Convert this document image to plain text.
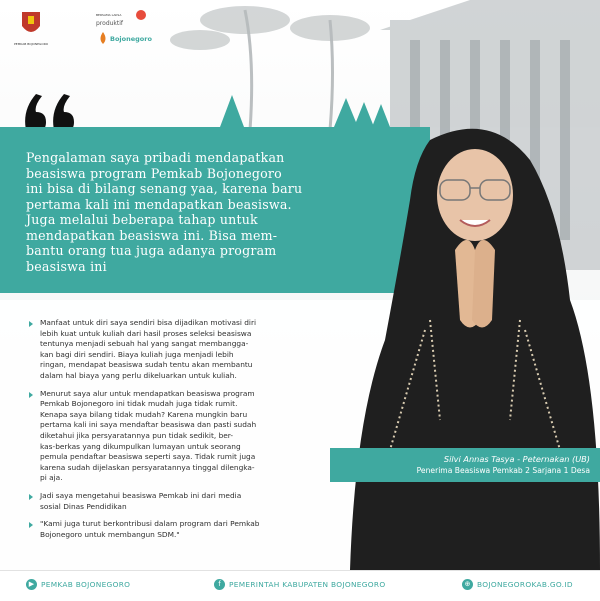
PEMKAB BOJONEGORO
BERSAMA LAKSA
produktif
Bojonegoro
Pengalaman saya pribadi mendapatkan
beasiswa program Pemkab Bojonegoro
ini bisa di bilang senang yaa, karena baru
pertama kali ini mendapatkan beasiswa.
Juga melalui beberapa tahap untuk
mendapatkan beasiswa ini. Bisa mem-
bantu orang tua juga adanya program
beasiswa ini
Silvi Annas Tasya - Peternakan (UB)
Penerima Beasiswa Pemkab 2 Sarjana 1 Desa
Manfaat untuk diri saya sendiri bisa dijadikan motivasi diri
lebih kuat untuk kuliah dari hasil proses seleksi beasiswa
tentunya menjadi sebuah hal yang sangat membangga-
kan bagi diri sendiri. Biaya kuliah juga menjadi lebih
ringan, mendapat beasiswa sudah tentu akan membantu
dalam hal biaya yang perlu dikeluarkan untuk kuliah.
Menurut saya alur untuk mendapatkan beasiswa program
Pemkab Bojonegoro ini tidak mudah juga tidak rumit.
Kenapa saya bilang tidak mudah? Karena mungkin baru
pertama kali ini saya mendaftar beasiswa dan pasti sudah
diketahui jika persyaratannya pun tidak sedikit, ber-
kas-berkas yang dikumpulkan lumayan untuk seorang
pemula pendaftar beasiswa seperti saya. Tidak rumit juga
karena sudah dijelaskan persyaratannya tinggal dilengka-
pi aja.
Jadi saya mengetahui beasiswa Pemkab ini dari media
sosial Dinas Pendidikan
"Kami juga turut berkontribusi dalam program dari Pemkab
Bojonegoro untuk membangun SDM."
▶ PEMKAB BOJONEGORO	f	PEMERINTAH KABUPATEN BOJONEGORO	⊕ BOJONEGOROKAB.GO.ID
